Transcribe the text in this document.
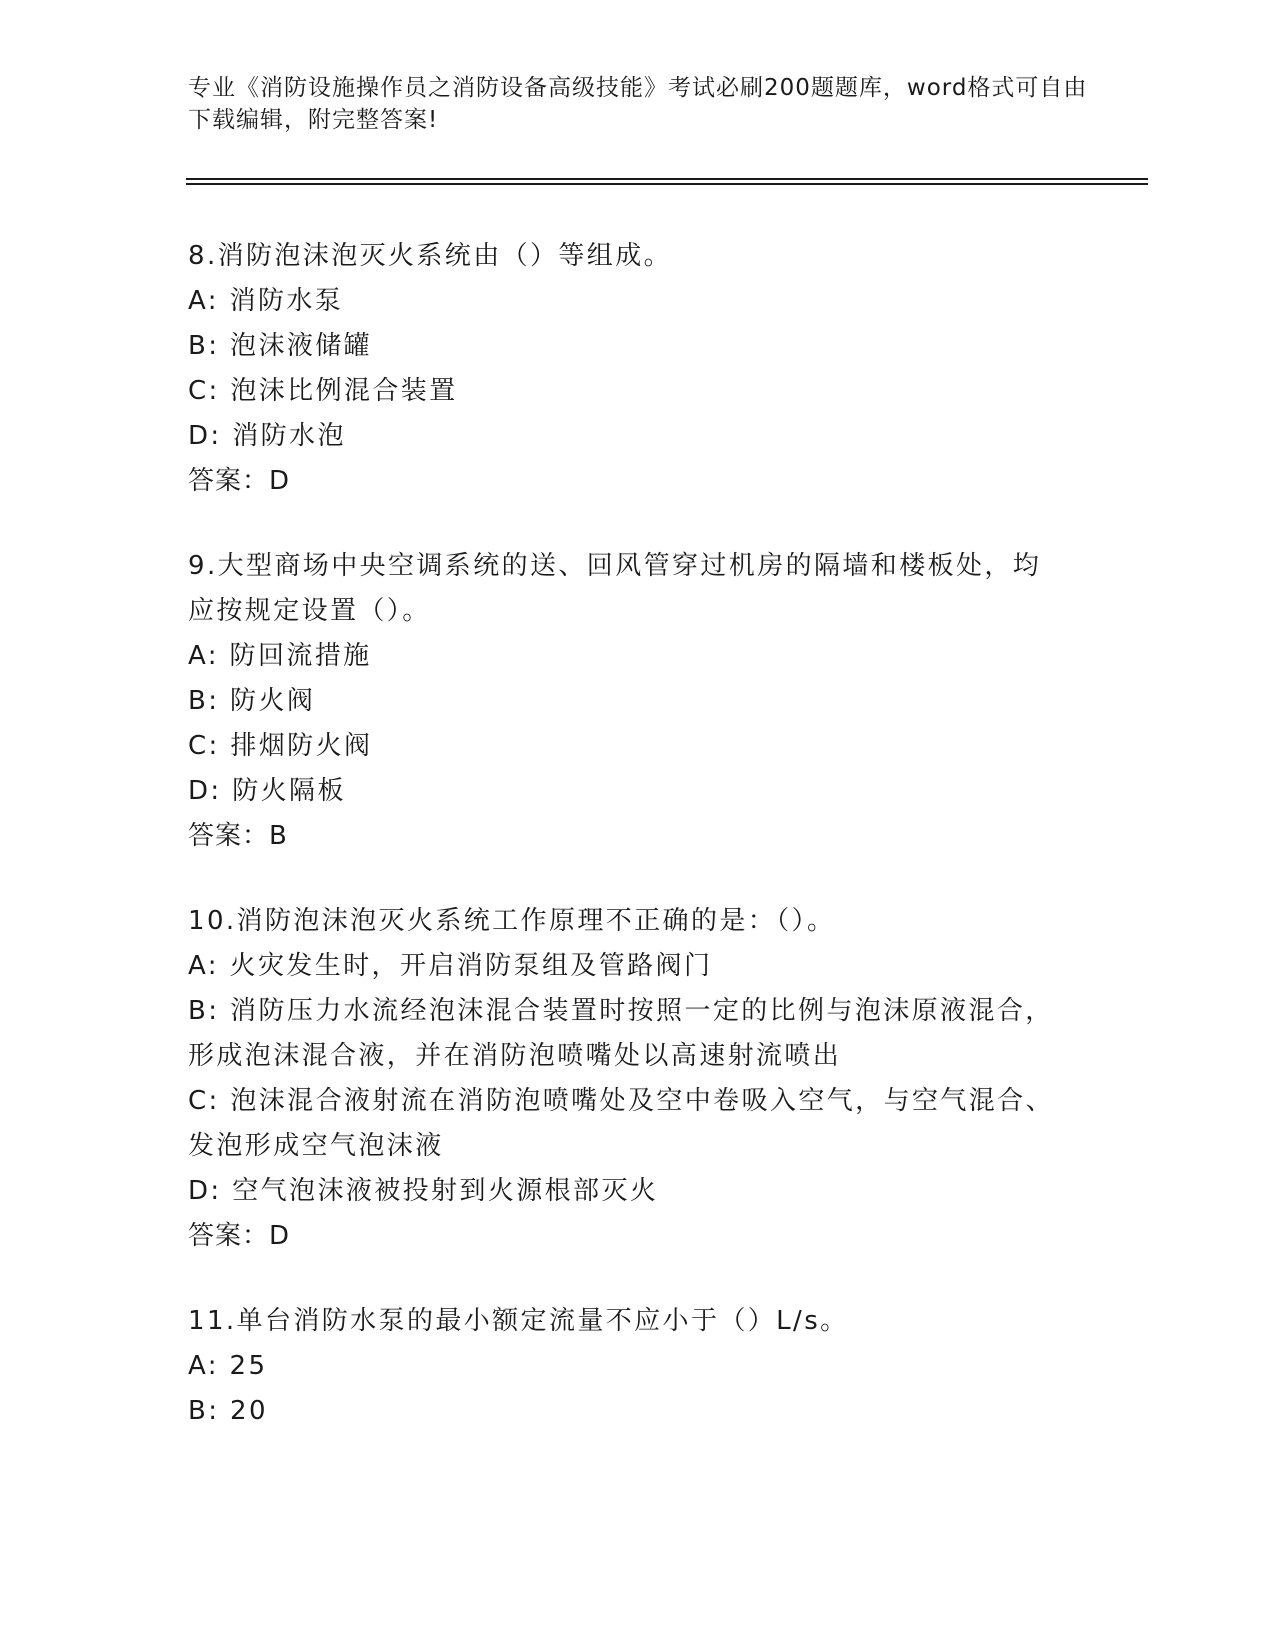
专业《消防设施操作员之消防设备高级技能》考试必刷200题题库，word格式可自由下载编辑，附完整答案!
8.消防泡沫泡灭火系统由（）等组成。
A: 消防水泵
B: 泡沫液储罐
C: 泡沫比例混合装置
D: 消防水泡
答案：D
9.大型商场中央空调系统的送、回风管穿过机房的隔墙和楼板处，均应按规定设置（）。
A: 防回流措施
B: 防火阀
C: 排烟防火阀
D: 防火隔板
答案：B
10.消防泡沫泡灭火系统工作原理不正确的是：（）。
A: 火灾发生时，开启消防泵组及管路阀门
B: 消防压力水流经泡沫混合装置时按照一定的比例与泡沫原液混合，形成泡沫混合液，并在消防泡喷嘴处以高速射流喷出
C: 泡沫混合液射流在消防泡喷嘴处及空中卷吸入空气，与空气混合、发泡形成空气泡沫液
D: 空气泡沫液被投射到火源根部灭火
答案：D
11.单台消防水泵的最小额定流量不应小于（）L/s。
A: 25
B: 20
